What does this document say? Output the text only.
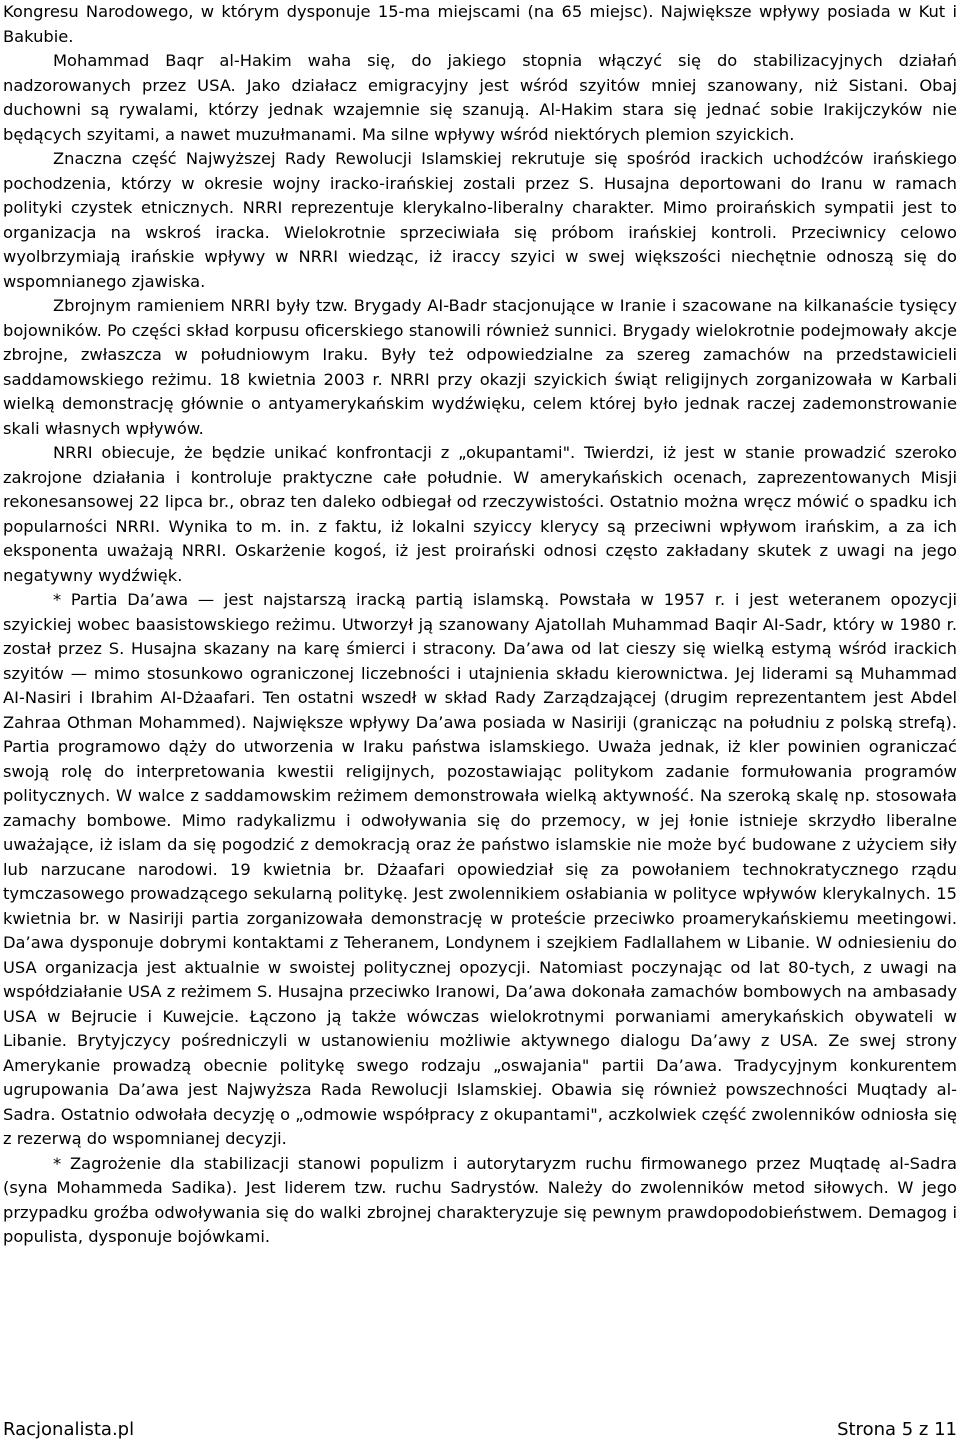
Kongresu Narodowego, w którym dysponuje 15-ma miejscami (na 65 miejsc). Największe wpływy posiada w Kut i Bakubie.

Mohammad Baqr al-Hakim waha się, do jakiego stopnia włączyć się do stabilizacyjnych działań nadzorowanych przez USA. Jako działacz emigracyjny jest wśród szyitów mniej szanowany, niż Sistani. Obaj duchowni są rywalami, którzy jednak wzajemnie się szanują. Al-Hakim stara się jednać sobie Irakijczyków nie będących szyitami, a nawet muzułmanami. Ma silne wpływy wśród niektórych plemion szyickich.

Znaczna część Najwyższej Rady Rewolucji Islamskiej rekrutuje się spośród irackich uchodźców irańskiego pochodzenia, którzy w okresie wojny iracko-irańskiej zostali przez S. Husajna deportowani do Iranu w ramach polityki czystek etnicznych. NRRI reprezentuje klerykalno-liberalny charakter. Mimo proirańskich sympatii jest to organizacja na wskroś iracka. Wielokrotnie sprzeciwiała się próbom irańskiej kontroli. Przeciwnicy celowo wyolbrzymiają irańskie wpływy w NRRI wiedząc, iż iraccy szyici w swej większości niechętnie odnoszą się do wspomnianego zjawiska.

Zbrojnym ramieniem NRRI były tzw. Brygady AI-Badr stacjonujące w Iranie i szacowane na kilkanaście tysięcy bojowników. Po części skład korpusu oficerskiego stanowili również sunnici. Brygady wielokrotnie podejmowały akcje zbrojne, zwłaszcza w południowym Iraku. Były też odpowiedzialne za szereg zamachów na przedstawicieli saddamowskiego reżimu. 18 kwietnia 2003 r. NRRI przy okazji szyickich świąt religijnych zorganizowała w Karbali wielką demonstrację głównie o antyamerykańskim wydźwięku, celem której było jednak raczej zademonstrowanie skali własnych wpływów.

NRRI obiecuje, że będzie unikać konfrontacji z „okupantami". Twierdzi, iż jest w stanie prowadzić szeroko zakrojone działania i kontroluje praktyczne całe południe. W amerykańskich ocenach, zaprezentowanych Misji rekonesansowej 22 lipca br., obraz ten daleko odbiegał od rzeczywistości. Ostatnio można wręcz mówić o spadku ich popularności NRRI. Wynika to m. in. z faktu, iż lokalni szyiccy klerycy są przeciwni wpływom irańskim, a za ich eksponenta uważają NRRI. Oskarżenie kogoś, iż jest proirański odnosi często zakładany skutek z uwagi na jego negatywny wydźwięk.

* Partia Da’awa — jest najstarszą iracką partią islamską. Powstała w 1957 r. i jest weteranem opozycji szyickiej wobec baasistowskiego reżimu. Utworzył ją szanowany Ajatollah Muhammad Baqir AI-Sadr, który w 1980 r. został przez S. Husajna skazany na karę śmierci i stracony. Da’awa od lat cieszy się wielką estymą wśród irackich szyitów — mimo stosunkowo ograniczonej liczebności i utajnienia składu kierownictwa. Jej liderami są Muhammad AI-Nasiri i Ibrahim AI-Dżaafari. Ten ostatni wszedł w skład Rady Zarządzającej (drugim reprezentantem jest Abdel Zahraa Othman Mohammed). Największe wpływy Da’awa posiada w Nasiriji (granicząc na południu z polską strefą). Partia programowo dąży do utworzenia w Iraku państwa islamskiego. Uważa jednak, iż kler powinien ograniczać swoją rolę do interpretowania kwestii religijnych, pozostawiając politykom zadanie formułowania programów politycznych. W walce z saddamowskim reżimem demonstrowała wielką aktywność. Na szeroką skalę np. stosowała zamachy bombowe. Mimo radykalizmu i odwoływania się do przemocy, w jej łonie istnieje skrzydło liberalne uważające, iż islam da się pogodzić z demokracją oraz że państwo islamskie nie może być budowane z użyciem siły lub narzucane narodowi. 19 kwietnia br. Dżaafari opowiedział się za powołaniem technokratycznego rządu tymczasowego prowadzącego sekularną politykę. Jest zwolennikiem osłabiania w polityce wpływów klerykalnych. 15 kwietnia br. w Nasiriji partia zorganizowała demonstrację w proteście przeciwko proamerykańskiemu meetingowi. Da’awa dysponuje dobrymi kontaktami z Teheranem, Londynem i szejkiem Fadlallahem w Libanie. W odniesieniu do USA organizacja jest aktualnie w swoistej politycznej opozycji. Natomiast poczynając od lat 80-tych, z uwagi na współdziałanie USA z reżimem S. Husajna przeciwko Iranowi, Da’awa dokonała zamachów bombowych na ambasady USA w Bejrucie i Kuwejcie. Łączono ją także wówczas wielokrotnymi porwaniami amerykańskich obywateli w Libanie. Brytyjczycy pośredniczyli w ustanowieniu możliwie aktywnego dialogu Da’awy z USA. Ze swej strony Amerykanie prowadzą obecnie politykę swego rodzaju „oswajania" partii Da’awa. Tradycyjnym konkurentem ugrupowania Da’awa jest Najwyższa Rada Rewolucji Islamskiej. Obawia się również powszechności Muqtady al-Sadra. Ostatnio odwołała decyzję o „odmowie współpracy z okupantami", aczkolwiek część zwolenników odniosła się z rezerwą do wspomnianej decyzji.

* Zagrożenie dla stabilizacji stanowi populizm i autorytaryzm ruchu firmowanego przez Muqtadę al-Sadra (syna Mohammeda Sadika). Jest liderem tzw. ruchu Sadrystów. Należy do zwolenników metod siłowych. W jego przypadku groźba odwoływania się do walki zbrojnej charakteryzuje się pewnym prawdopodobieństwem. Demagog i populista, dysponuje bojówkami.

Racjonalista.pl	Strona 5 z 11
